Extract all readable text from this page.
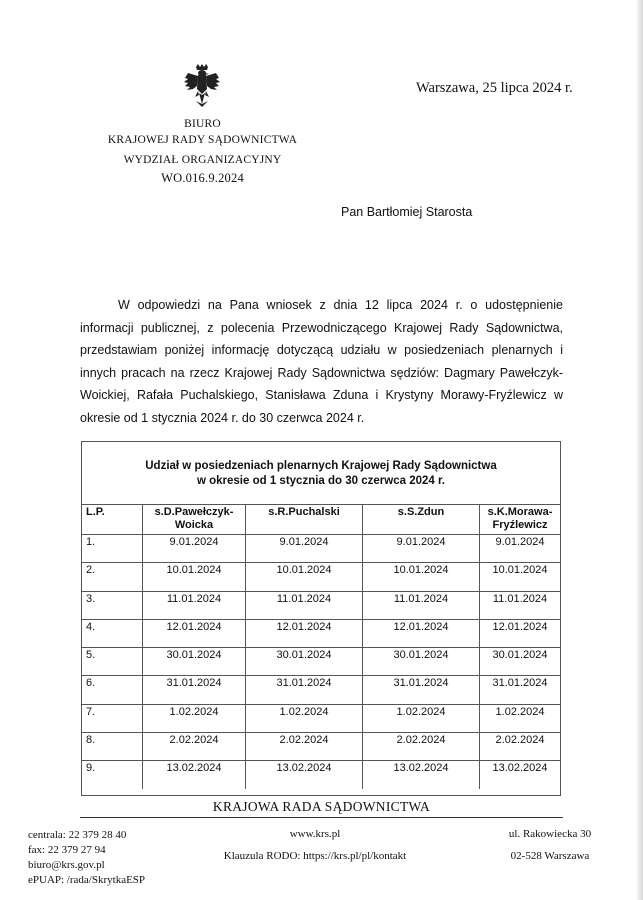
BIURO
KRAJOWEJ RADY SĄDOWNICTWA
WYDZIAŁ ORGANIZACYJNY
WO.016.9.2024
Warszawa, 25 lipca 2024 r.
Pan Bartłomiej Starosta
W odpowiedzi na Pana wniosek z dnia 12 lipca 2024 r. o udostępnienie informacji publicznej, z polecenia Przewodniczącego Krajowej Rady Sądownictwa, przedstawiam poniżej informację dotyczącą udziału w posiedzeniach plenarnych i innych pracach na rzecz Krajowej Rady Sądownictwa sędziów: Dagmary Pawełczyk-Woickiej, Rafała Puchalskiego, Stanisława Zduna i Krystyny Morawy-Fryźlewicz w okresie od 1 stycznia 2024 r. do 30 czerwca 2024 r.
Udział w posiedzeniach plenarnych Krajowej Rady Sądownictwa
w okresie od 1 stycznia do 30 czerwca 2024 r.
L.P.	s.D.Pawełczyk-Woicka	s.R.Puchalski	s.S.Zdun	s.K.Morawa-Fryźlewicz
1.	9.01.2024	9.01.2024	9.01.2024	9.01.2024
2.	10.01.2024	10.01.2024	10.01.2024	10.01.2024
3.	11.01.2024	11.01.2024	11.01.2024	11.01.2024
4.	12.01.2024	12.01.2024	12.01.2024	12.01.2024
5.	30.01.2024	30.01.2024	30.01.2024	30.01.2024
6.	31.01.2024	31.01.2024	31.01.2024	31.01.2024
7.	1.02.2024	1.02.2024	1.02.2024	1.02.2024
8.	2.02.2024	2.02.2024	2.02.2024	2.02.2024
9.	13.02.2024	13.02.2024	13.02.2024	13.02.2024
KRAJOWA RADA SĄDOWNICTWA
centrala: 22 379 28 40
fax: 22 379 27 94
biuro@krs.gov.pl
ePUAP: /rada/SkrytkaESP
www.krs.pl
Klauzula RODO: https://krs.pl/pl/kontakt
ul. Rakowiecka 30
02-528 Warszawa
